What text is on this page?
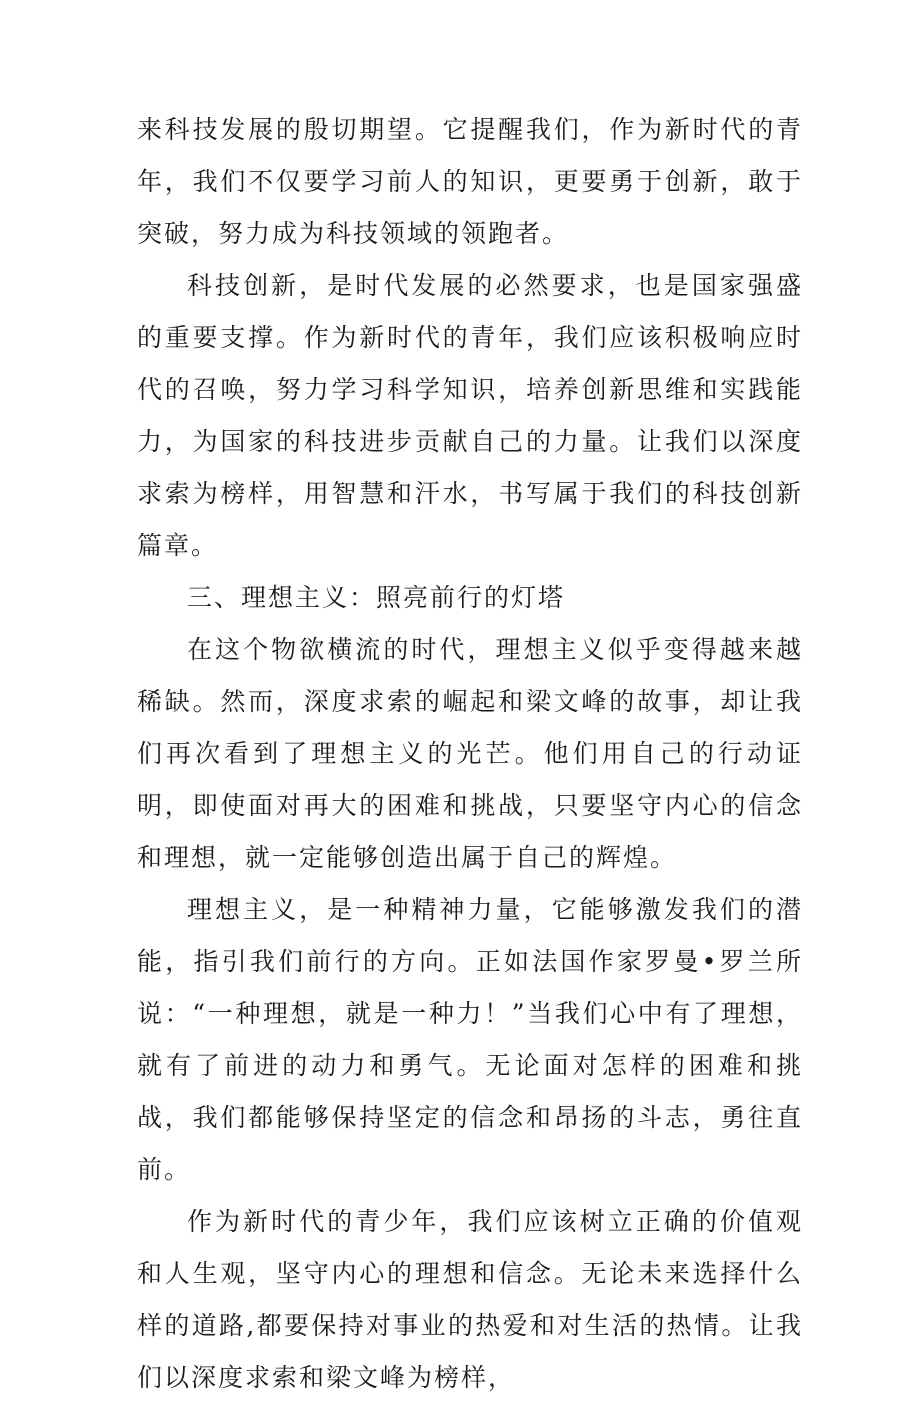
来科技发展的殷切期望。它提醒我们，作为新时代的青年，我们不仅要学习前人的知识，更要勇于创新，敢于突破，努力成为科技领域的领跑者。

科技创新，是时代发展的必然要求，也是国家强盛的重要支撑。作为新时代的青年，我们应该积极响应时代的召唤，努力学习科学知识，培养创新思维和实践能力，为国家的科技进步贡献自己的力量。让我们以深度求索为榜样，用智慧和汗水，书写属于我们的科技创新篇章。

三、理想主义：照亮前行的灯塔

在这个物欲横流的时代，理想主义似乎变得越来越稀缺。然而，深度求索的崛起和梁文峰的故事，却让我们再次看到了理想主义的光芒。他们用自己的行动证明，即使面对再大的困难和挑战，只要坚守内心的信念和理想，就一定能够创造出属于自己的辉煌。

理想主义，是一种精神力量，它能够激发我们的潜能，指引我们前行的方向。正如法国作家罗曼•罗兰所说：“一种理想，就是一种力！”当我们心中有了理想，就有了前进的动力和勇气。无论面对怎样的困难和挑战，我们都能够保持坚定的信念和昂扬的斗志，勇往直前。

作为新时代的青少年，我们应该树立正确的价值观和人生观，坚守内心的理想和信念。无论未来选择什么样的道路,都要保持对事业的热爱和对生活的热情。让我们以深度求索和梁文峰为榜样，
